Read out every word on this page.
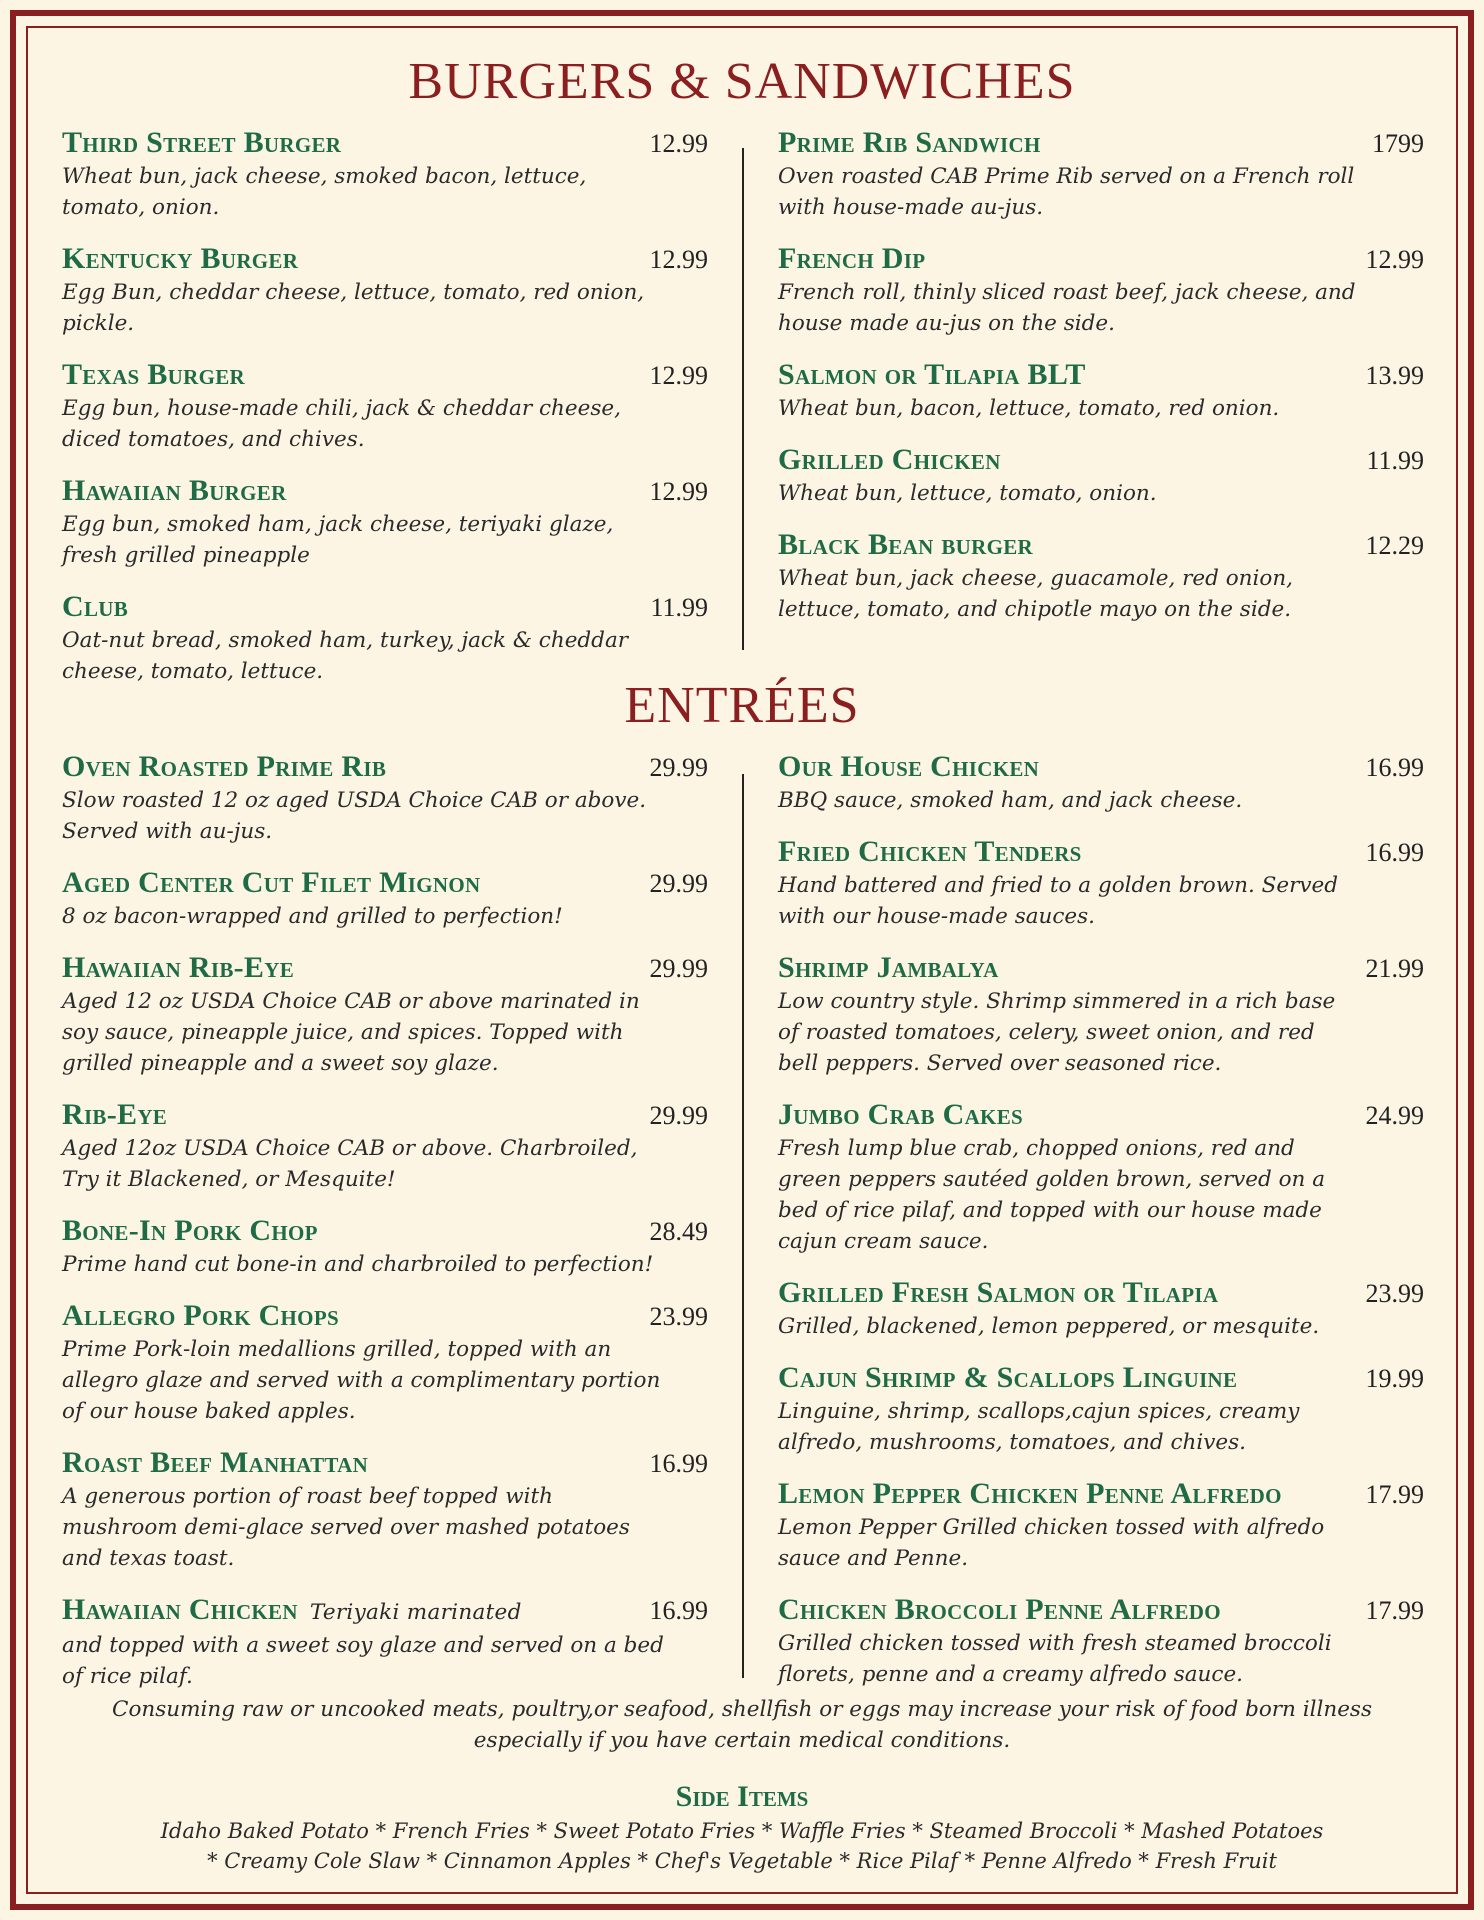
BURGERS & SANDWICHES
Third Street Burger	12.99
Wheat bun, jack cheese, smoked bacon, lettuce, tomato, onion.
Kentucky Burger	12.99
Egg Bun, cheddar cheese, lettuce, tomato, red onion, pickle.
Texas Burger	12.99
Egg bun, house-made chili, jack & cheddar cheese, diced tomatoes, and chives.
Hawaiian Burger	12.99
Egg bun, smoked ham, jack cheese, teriyaki glaze, fresh grilled pineapple
Club	11.99
Oat-nut bread, smoked ham, turkey, jack & cheddar cheese, tomato, lettuce.
Prime Rib Sandwich	1799
Oven roasted CAB Prime Rib served on a French roll with house-made au-jus.
French Dip	12.99
French roll, thinly sliced roast beef, jack cheese, and house made au-jus on the side.
Salmon or Tilapia BLT	13.99
Wheat bun, bacon, lettuce, tomato, red onion.
Grilled Chicken	11.99
Wheat bun, lettuce, tomato, onion.
Black Bean burger	12.29
Wheat bun, jack cheese, guacamole, red onion, lettuce, tomato, and chipotle mayo on the side.
ENTRÉES
Oven Roasted Prime Rib	29.99
Slow roasted 12 oz aged USDA Choice CAB or above. Served with au-jus.
Aged Center Cut Filet Mignon	29.99
8 oz bacon-wrapped and grilled to perfection!
Hawaiian Rib-Eye	29.99
Aged 12 oz USDA Choice CAB or above marinated in soy sauce, pineapple juice, and spices. Topped with grilled pineapple and a sweet soy glaze.
Rib-Eye	29.99
Aged 12oz USDA Choice CAB or above. Charbroiled, Try it Blackened, or Mesquite!
Bone-In Pork Chop	28.49
Prime hand cut bone-in and charbroiled to perfection!
Allegro Pork Chops	23.99
Prime Pork-loin medallions grilled, topped with an allegro glaze and served with a complimentary portion of our house baked apples.
Roast Beef Manhattan	16.99
A generous portion of roast beef topped with mushroom demi-glace served over mashed potatoes and texas toast.
Hawaiian Chicken Teriyaki marinated	16.99
and topped with a sweet soy glaze and served on a bed of rice pilaf.
Our House Chicken	16.99
BBQ sauce, smoked ham, and jack cheese.
Fried Chicken Tenders	16.99
Hand battered and fried to a golden brown. Served with our house-made sauces.
Shrimp Jambalya	21.99
Low country style. Shrimp simmered in a rich base of roasted tomatoes, celery, sweet onion, and red bell peppers. Served over seasoned rice.
Jumbo Crab Cakes	24.99
Fresh lump blue crab, chopped onions, red and green peppers sautéed golden brown, served on a bed of rice pilaf, and topped with our house made cajun cream sauce.
Grilled Fresh Salmon or Tilapia	23.99
Grilled, blackened, lemon peppered, or mesquite.
Cajun Shrimp & Scallops Linguine	19.99
Linguine, shrimp, scallops,cajun spices, creamy alfredo, mushrooms, tomatoes, and chives.
Lemon Pepper Chicken Penne Alfredo	17.99
Lemon Pepper Grilled chicken tossed with alfredo sauce and Penne.
Chicken Broccoli Penne Alfredo	17.99
Grilled chicken tossed with fresh steamed broccoli florets, penne and a creamy alfredo sauce.
Consuming raw or uncooked meats, poultry,or seafood, shellfish or eggs may increase your risk of food born illness especially if you have certain medical conditions.
Side Items
Idaho Baked Potato * French Fries * Sweet Potato Fries * Waffle Fries * Steamed Broccoli * Mashed Potatoes
* Creamy Cole Slaw * Cinnamon Apples * Chef's Vegetable * Rice Pilaf * Penne Alfredo * Fresh Fruit
